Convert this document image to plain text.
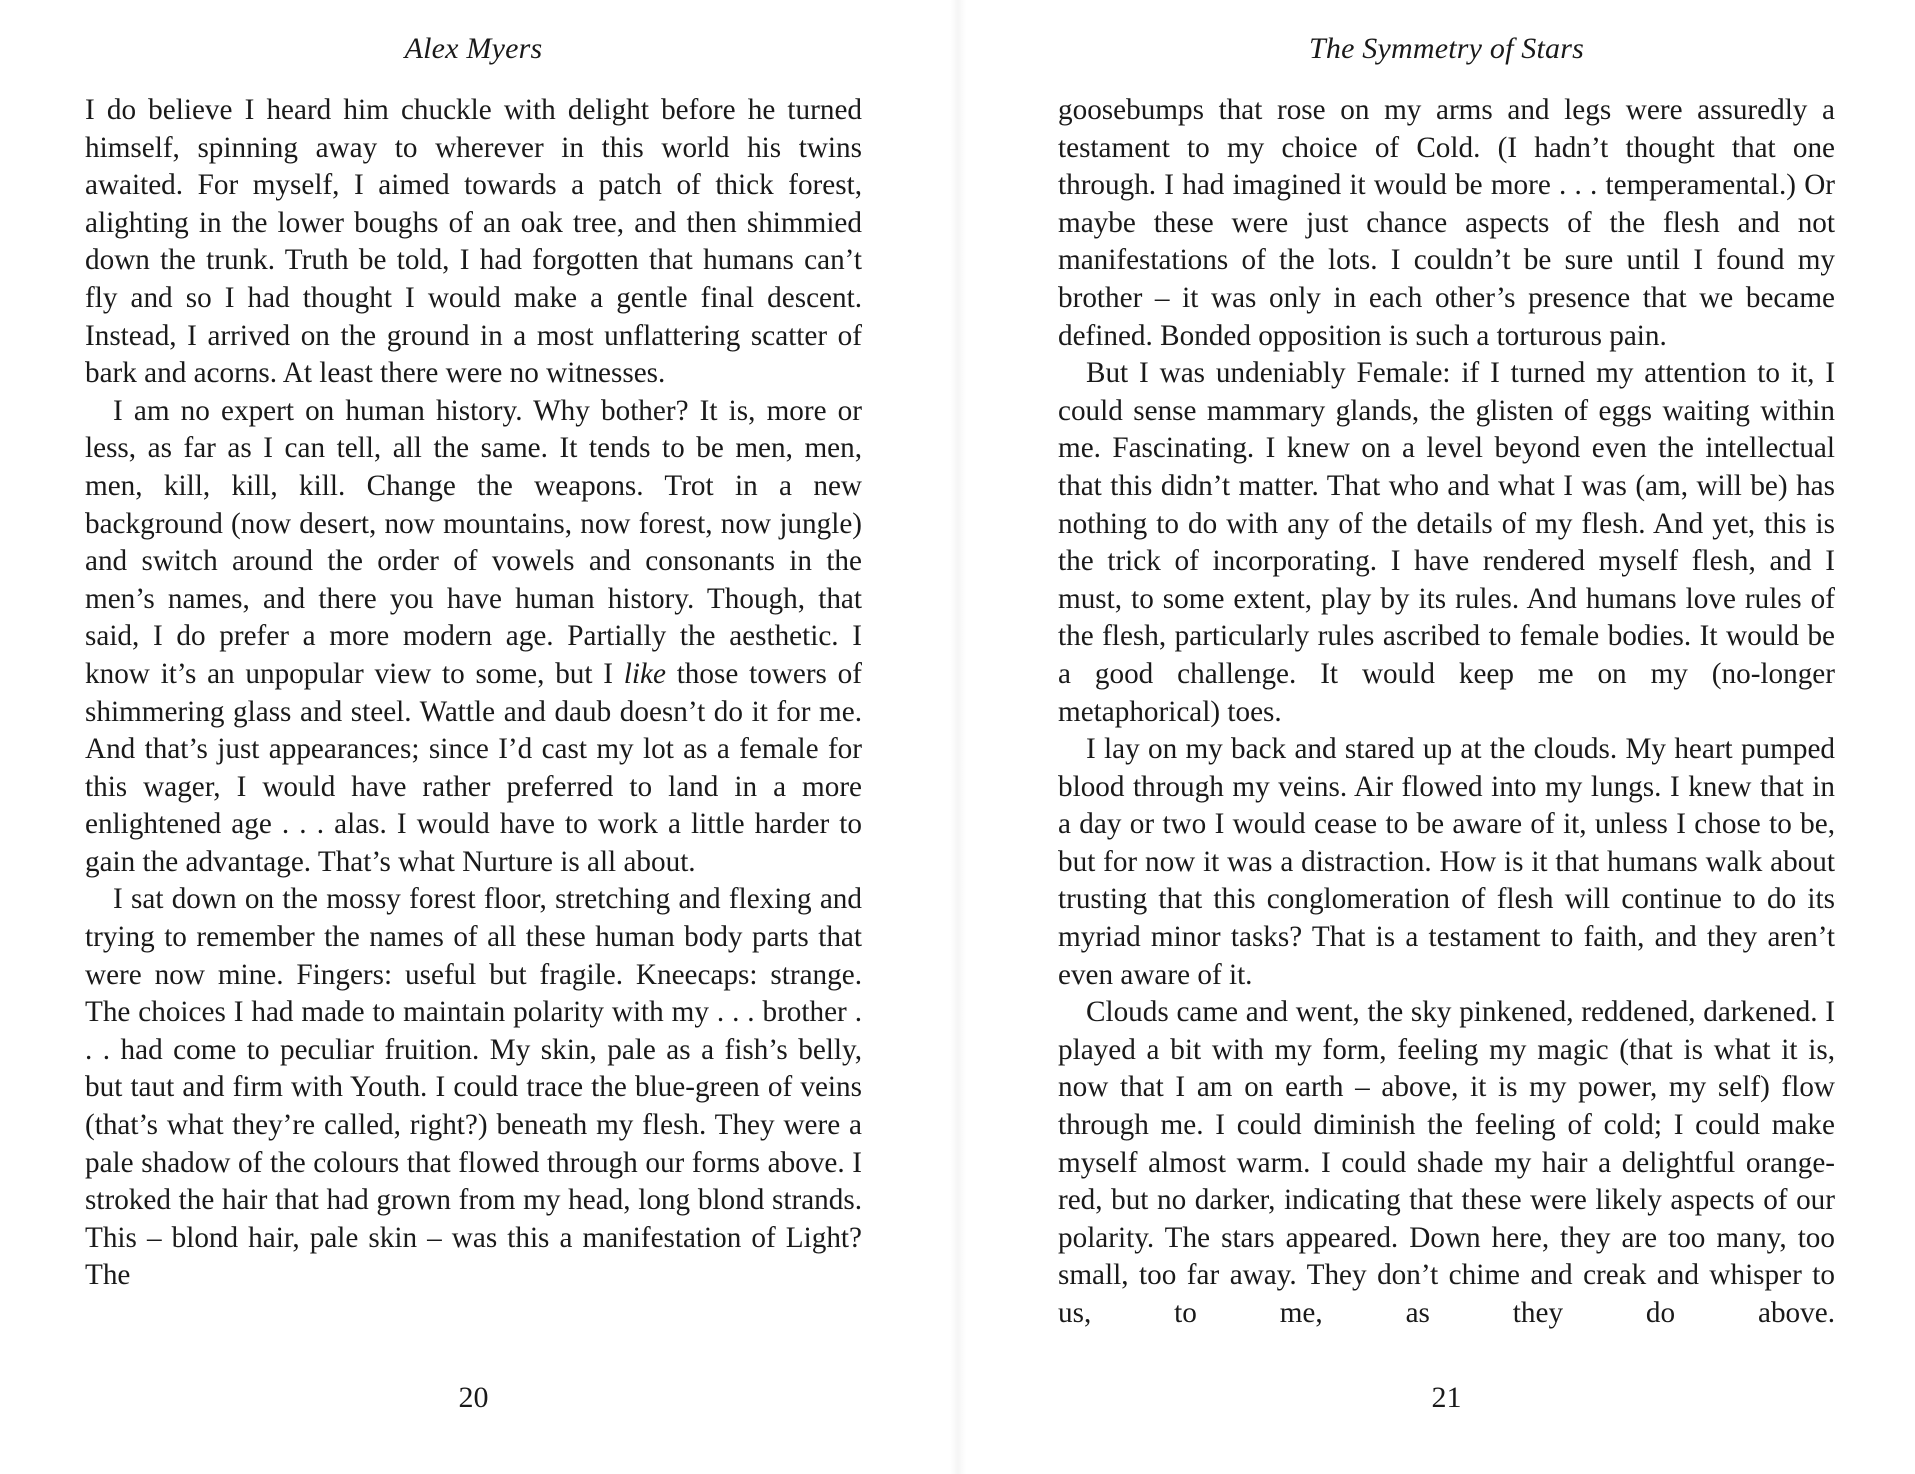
Alex Myers

I do believe I heard him chuckle with delight before he turned himself, spinning away to wherever in this world his twins awaited. For myself, I aimed towards a patch of thick forest, alighting in the lower boughs of an oak tree, and then shimmied down the trunk. Truth be told, I had forgotten that humans can’t fly and so I had thought I would make a gentle final descent. Instead, I arrived on the ground in a most unflattering scatter of bark and acorns. At least there were no witnesses.

I am no expert on human history. Why bother? It is, more or less, as far as I can tell, all the same. It tends to be men, men, men, kill, kill, kill. Change the weapons. Trot in a new background (now desert, now mountains, now forest, now jungle) and switch around the order of vowels and consonants in the men’s names, and there you have human history. Though, that said, I do prefer a more modern age. Partially the aesthetic. I know it’s an unpopular view to some, but I like those towers of shimmering glass and steel. Wattle and daub doesn’t do it for me. And that’s just appearances; since I’d cast my lot as a female for this wager, I would have rather preferred to land in a more enlightened age . . . alas. I would have to work a little harder to gain the advantage. That’s what Nurture is all about.

I sat down on the mossy forest floor, stretching and flexing and trying to remember the names of all these human body parts that were now mine. Fingers: useful but fragile. Kneecaps: strange. The choices I had made to maintain polarity with my . . . brother . . . had come to peculiar fruition. My skin, pale as a fish’s belly, but taut and firm with Youth. I could trace the blue-green of veins (that’s what they’re called, right?) beneath my flesh. They were a pale shadow of the colours that flowed through our forms above. I stroked the hair that had grown from my head, long blond strands. This – blond hair, pale skin – was this a manifestation of Light? The

20
The Symmetry of Stars

goosebumps that rose on my arms and legs were assuredly a testament to my choice of Cold. (I hadn’t thought that one through. I had imagined it would be more . . . temperamental.) Or maybe these were just chance aspects of the flesh and not manifestations of the lots. I couldn’t be sure until I found my brother – it was only in each other’s presence that we became defined. Bonded opposition is such a torturous pain.

But I was undeniably Female: if I turned my attention to it, I could sense mammary glands, the glisten of eggs waiting within me. Fascinating. I knew on a level beyond even the intellectual that this didn’t matter. That who and what I was (am, will be) has nothing to do with any of the details of my flesh. And yet, this is the trick of incorporating. I have rendered myself flesh, and I must, to some extent, play by its rules. And humans love rules of the flesh, particularly rules ascribed to female bodies. It would be a good challenge. It would keep me on my (no-longer metaphorical) toes.

I lay on my back and stared up at the clouds. My heart pumped blood through my veins. Air flowed into my lungs. I knew that in a day or two I would cease to be aware of it, unless I chose to be, but for now it was a distraction. How is it that humans walk about trusting that this conglomeration of flesh will continue to do its myriad minor tasks? That is a testament to faith, and they aren’t even aware of it.

Clouds came and went, the sky pinkened, reddened, darkened. I played a bit with my form, feeling my magic (that is what it is, now that I am on earth – above, it is my power, my self) flow through me. I could diminish the feeling of cold; I could make myself almost warm. I could shade my hair a delightful orange-red, but no darker, indicating that these were likely aspects of our polarity. The stars appeared. Down here, they are too many, too small, too far away. They don’t chime and creak and whisper to us, to me, as they do above.

21
